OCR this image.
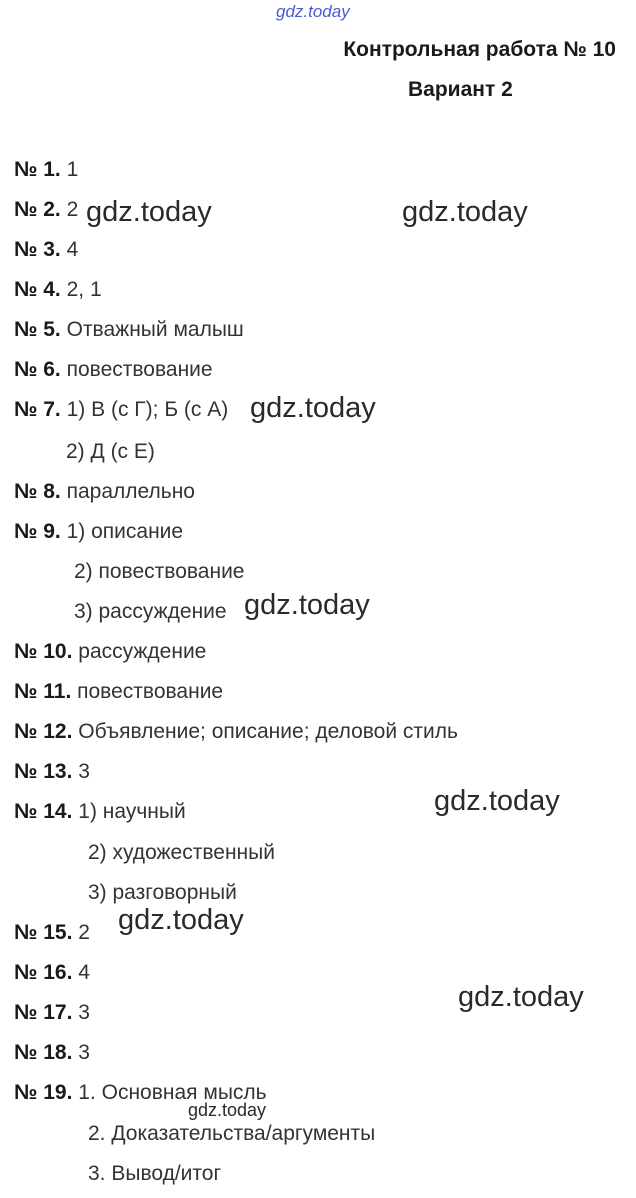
gdz.today
Контрольная работа № 10
Вариант 2
№ 1. 1
№ 2. 2
№ 3. 4
№ 4. 2, 1
№ 5. Отважный малыш
№ 6. повествование
№ 7. 1) В (с Г); Б (с А)
2) Д (с Е)
№ 8. параллельно
№ 9. 1) описание
2) повествование
3) рассуждение
№ 10. рассуждение
№ 11. повествование
№ 12. Объявление; описание; деловой стиль
№ 13. 3
№ 14. 1) научный
2) художественный
3) разговорный
№ 15. 2
№ 16. 4
№ 17. 3
№ 18. 3
№ 19. 1. Основная мысль
2. Доказательства/аргументы
3. Вывод/итог
gdz.today	gdz.today
gdz.today
gdz.today
gdz.today
gdz.today
gdz.today
gdz.today
